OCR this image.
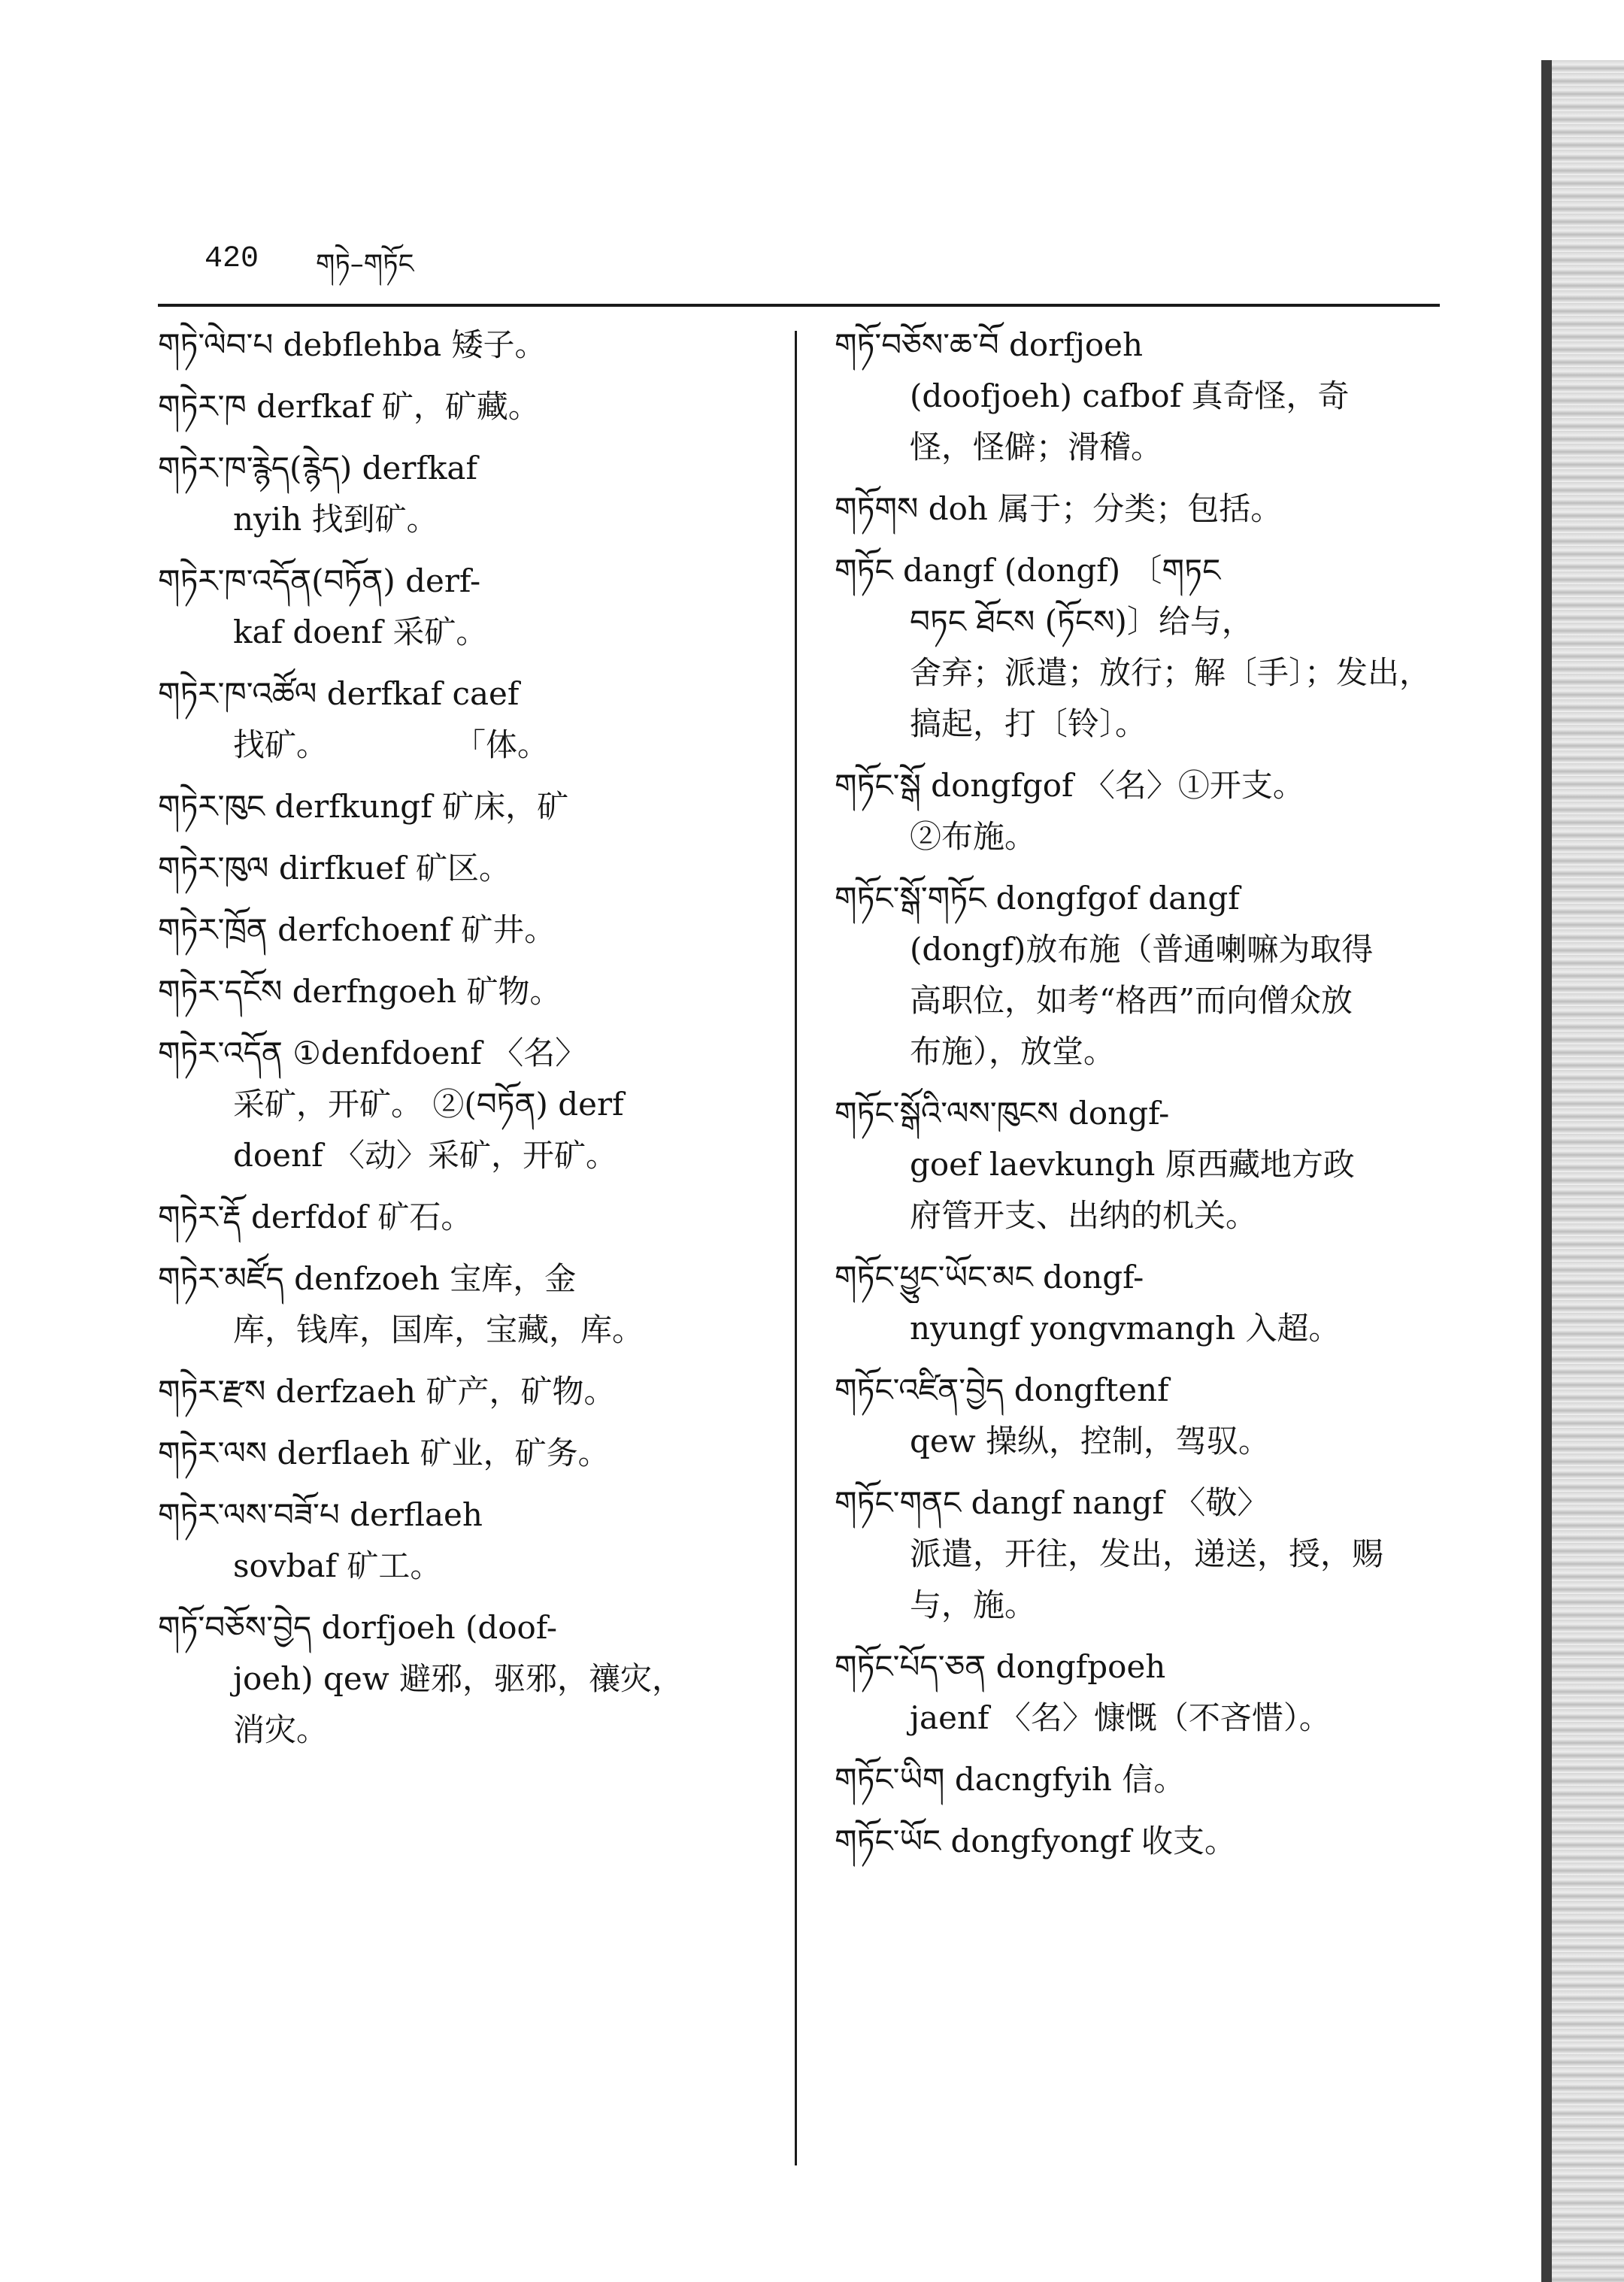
420 གཏེ–གཏོང
གཏེ་ལེབ་པ debflehba 矮子。
གཏེར་ཁ derfkaf 矿，矿藏。
གཏེར་ཁ་རྙེད(རྙེད) derfkaf
nyih 找到矿。
གཏེར་ཁ་འདོན(བཏོན) derf-
kaf doenf 采矿。
གཏེར་ཁ་འཚོལ derfkaf caef
找矿。　　　　　「体。
གཏེར་ཁུང derfkungf 矿床，矿
གཏེར་ཁུལ dirfkuef 矿区。
གཏེར་ཁྲོན derfchoenf 矿井。
གཏེར་དངོས derfngoeh 矿物。
གཏེར་འདོན ①denfdoenf 〈名〉
采矿，开矿。 ②(བཏོན) derf
doenf 〈动〉采矿，开矿。
གཏེར་རྡོ derfdof 矿石。
གཏེར་མཛོད denfzoeh 宝库，金
库，钱库，国库，宝藏，库。
གཏེར་རྫས derfzaeh 矿产，矿物。
གཏེར་ལས derflaeh 矿业，矿务。
གཏེར་ལས་བཟོ་པ derflaeh
sovbaf 矿工。
གཏོ་བཅོས་བྱེད dorfjoeh (doof-
joeh) qew 避邪，驱邪，禳灾，
消灾。
གཏོ་བཅོས་ཆ་བོ dorfjoeh
(doofjoeh) cafbof 真奇怪，奇
怪，怪僻；滑稽。
གཏོགས doh 属于；分类；包括。
གཏོང dangf (dongf) 〔གཏང
བཏང ཐོངས (ཏོངས)〕给与，
舍弃；派遣；放行；解〔手〕；发出，
搞起，打〔铃〕。
གཏོང་སྒོ dongfgof 〈名〉①开支。
②布施。
གཏོང་སྒོ་གཏོང dongfgof dangf
(dongf)放布施（普通喇嘛为取得
高职位，如考“格西”而向僧众放
布施），放堂。
གཏོང་སྒོའི་ལས་ཁུངས dongf-
goef laevkungh 原西藏地方政
府管开支、出纳的机关。
གཏོང་ཕྱུང་ཡོང་མང dongf-
nyungf yongvmangh 入超。
གཏོང་འཛིན་བྱེད dongftenf
qew 操纵，控制，驾驭。
གཏོང་གནང dangf nangf 〈敬〉
派遣，开往，发出，递送，授，赐
与，施。
གཏོང་པོད་ཅན dongfpoeh
jaenf 〈名〉慷慨（不吝惜）。
གཏོང་ཡིག dacngfyih 信。
གཏོང་ཡོང dongfyongf 收支。
